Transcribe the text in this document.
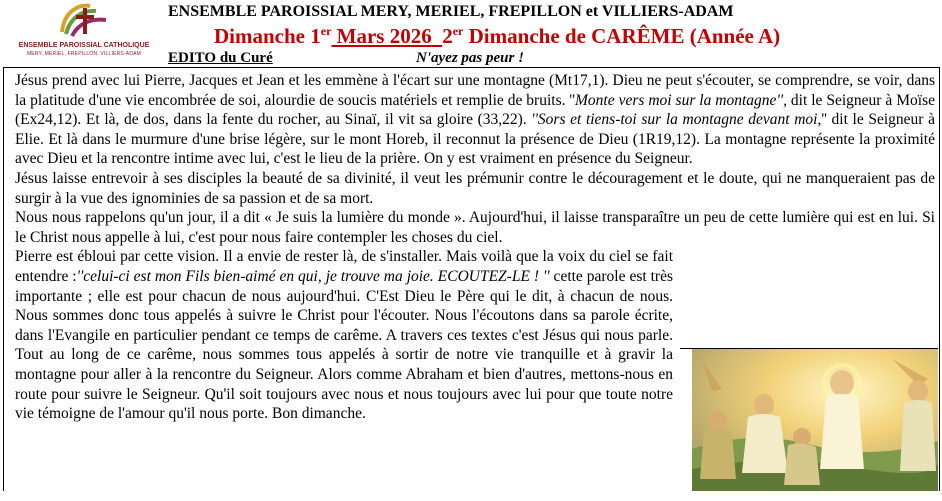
ENSEMBLE PAROISSIAL CATHOLIQUE
MERY, MERIEL, FREPILLON, VILLIERS-ADAM
ENSEMBLE PAROISSIAL MERY, MERIEL, FREPILLON et VILLIERS-ADAM
Dimanche 1er Mars 2026 2er Dimanche de CARÊME (Année A)
EDITO du Curé	N'ayez pas peur !

Jésus prend avec lui Pierre, Jacques et Jean et les emmène à l'écart sur une montagne (Mt17,1). Dieu ne peut s'écouter, se comprendre, se voir, dans la platitude d'une vie encombrée de soi, alourdie de soucis matériels et remplie de bruits. ''Monte vers moi sur la montagne'', dit le Seigneur à Moïse (Ex24,12). Et là, de dos, dans la fente du rocher, au Sinaï, il vit sa gloire (33,22). ''Sors et tiens-toi sur la montagne devant moi,'' dit le Seigneur à Elie. Et là dans le murmure d'une brise légère, sur le mont Horeb, il reconnut la présence de Dieu (1R19,12). La montagne représente la proximité avec Dieu et la rencontre intime avec lui, c'est le lieu de la prière. On y est vraiment en présence du Seigneur.

Jésus laisse entrevoir à ses disciples la beauté de sa divinité, il veut les prémunir contre le découragement et le doute, qui ne manqueraient pas de surgir à la vue des ignominies de sa passion et de sa mort.

Nous nous rappelons qu'un jour, il a dit « Je suis la lumière du monde ». Aujourd'hui, il laisse transparaître un peu de cette lumière qui est en lui. Si le Christ nous appelle à lui, c'est pour nous faire contempler les choses du ciel.

Pierre est ébloui par cette vision. Il a envie de rester là, de s'installer. Mais voilà que la voix du ciel se fait entendre :''celui-ci est mon Fils bien-aimé en qui, je trouve ma joie. ECOUTEZ-LE ! '' cette parole est très importante ; elle est pour chacun de nous aujourd'hui. C'Est Dieu le Père qui le dit, à chacun de nous. Nous sommes donc tous appelés à suivre le Christ pour l'écouter. Nous l'écoutons dans sa parole écrite, dans l'Evangile en particulier pendant ce temps de carême. A travers ces textes c'est Jésus qui nous parle. Tout au long de ce carême, nous sommes tous appelés à sortir de notre vie tranquille et à gravir la montagne pour aller à la rencontre du Seigneur. Alors comme Abraham et bien d'autres, mettons-nous en route pour suivre le Seigneur. Qu'il soit toujours avec nous et nous toujours avec lui pour que toute notre vie témoigne de l'amour qu'il nous porte. Bon dimanche.
